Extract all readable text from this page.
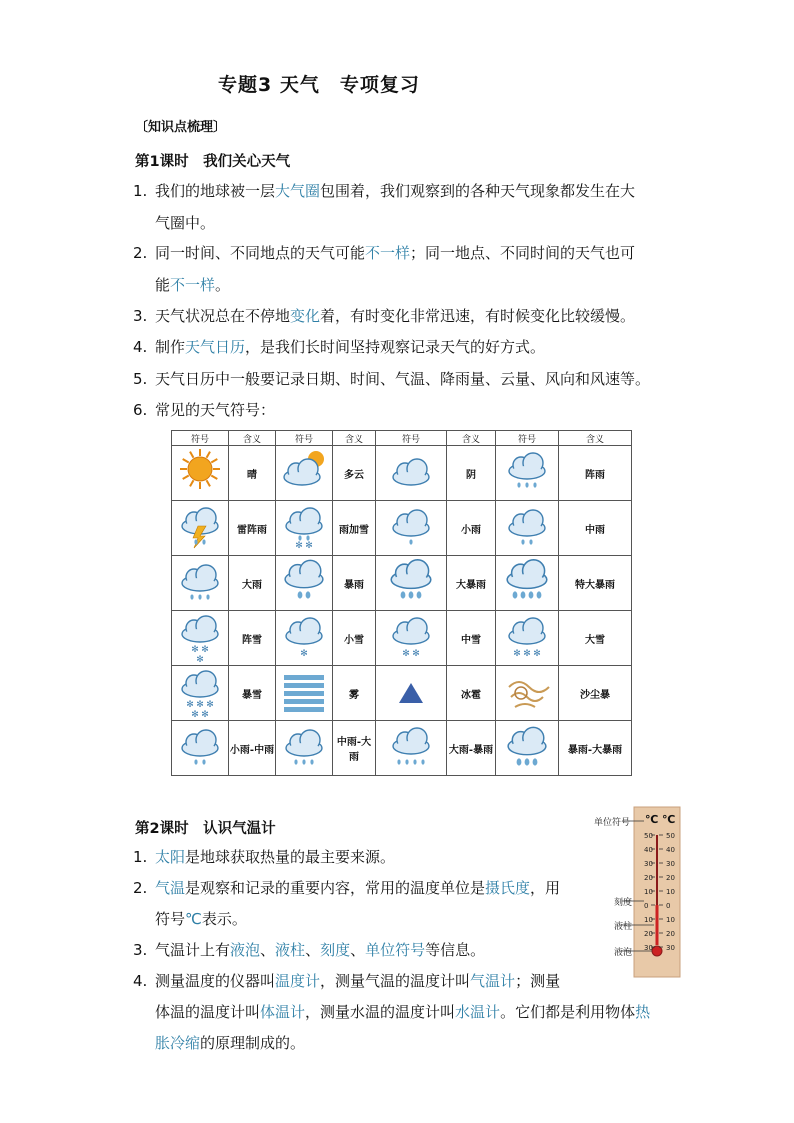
专题3 天气　专项复习
〔知识点梳理〕
第1课时　我们关心天气
1. 我们的地球被一层大气圈包围着，我们观察到的各种天气现象都发生在大
气圈中。
2. 同一时间、不同地点的天气可能不一样；同一地点、不同时间的天气也可
能不一样。
3. 天气状况总在不停地变化着，有时变化非常迅速，有时候变化比较缓慢。
4. 制作天气日历，是我们长时间坚持观察记录天气的好方式。
5. 天气日历中一般要记录日期、时间、气温、降雨量、云量、风向和风速等。
6. 常见的天气符号：
符号	含义	符号	含义	符号	含义	符号	含义

	晴		多云		阴		阵雨

	雷阵雨	✻ ✻	雨加雪		小雨		中雨

	大雨		暴雨		大暴雨		特大暴雨

✻ ✻
✻	阵雪	✻	小雪	✻ ✻	中雪	✻ ✻ ✻	大雪

✻ ✻ ✻
✻ ✻	暴雪		雾		冰雹		沙尘暴

	小雨-中雨		中雨-大雨		大雨-暴雨		暴雨-大暴雨
第2课时　认识气温计
1. 太阳是地球获取热量的最主要来源。
2. 气温是观察和记录的重要内容，常用的温度单位是摄氏度，用
符号℃表示。
3. 气温计上有液泡、液柱、刻度、单位符号等信息。
4. 测量温度的仪器叫温度计，测量气温的温度计叫气温计；测量
体温的温度计叫体温计，测量水温的温度计叫水温计。它们都是利用物体热
胀冷缩的原理制成的。
50 50
40 40
30 30
20 20
10 10
0	0
10 10
20 20
30 30
单位符号 ℃ ℃
刻度
液柱
液泡
